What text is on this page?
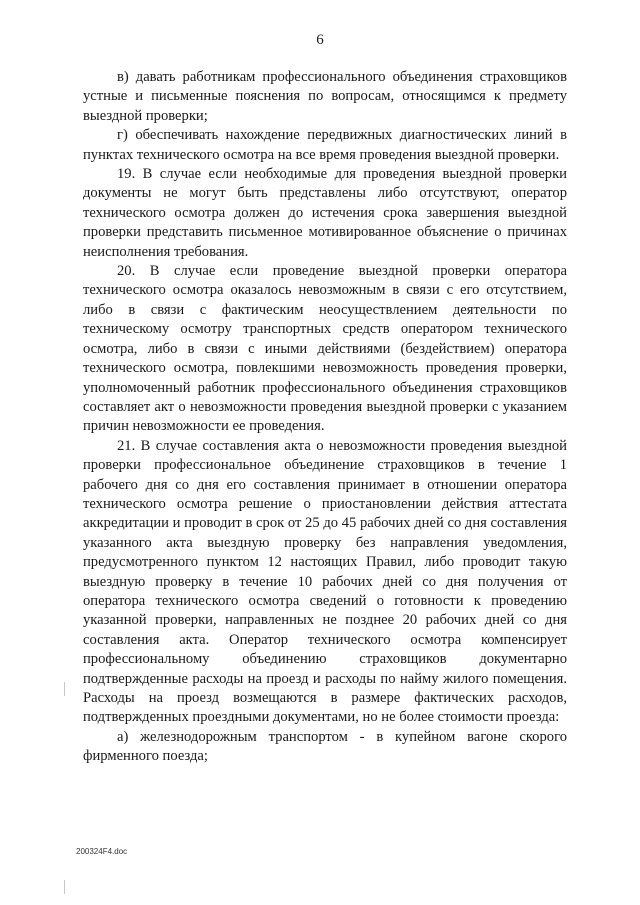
6

в) давать работникам профессионального объединения страховщиков устные и письменные пояснения по вопросам, относящимся к предмету выездной проверки;

г) обеспечивать нахождение передвижных диагностических линий в пунктах технического осмотра на все время проведения выездной проверки.

19. В случае если необходимые для проведения выездной проверки документы не могут быть представлены либо отсутствуют, оператор технического осмотра должен до истечения срока завершения выездной проверки представить письменное мотивированное объяснение о причинах неисполнения требования.

20. В случае если проведение выездной проверки оператора технического осмотра оказалось невозможным в связи с его отсутствием, либо в связи с фактическим неосуществлением деятельности по техническому осмотру транспортных средств оператором технического осмотра, либо в связи с иными действиями (бездействием) оператора технического осмотра, повлекшими невозможность проведения проверки, уполномоченный работник профессионального объединения страховщиков составляет акт о невозможности проведения выездной проверки с указанием причин невозможности ее проведения.

21. В случае составления акта о невозможности проведения выездной проверки профессиональное объединение страховщиков в течение 1 рабочего дня со дня его составления принимает в отношении оператора технического осмотра решение о приостановлении действия аттестата аккредитации и проводит в срок от 25 до 45 рабочих дней со дня составления указанного акта выездную проверку без направления уведомления, предусмотренного пунктом 12 настоящих Правил, либо проводит такую выездную проверку в течение 10 рабочих дней со дня получения от оператора технического осмотра сведений о готовности к проведению указанной проверки, направленных не позднее 20 рабочих дней со дня составления акта. Оператор технического осмотра компенсирует профессиональному объединению страховщиков документарно подтвержденные расходы на проезд и расходы по найму жилого помещения. Расходы на проезд возмещаются в размере фактических расходов, подтвержденных проездными документами, но не более стоимости проезда:

а) железнодорожным транспортом - в купейном вагоне скорого фирменного поезда;

200324F4.doc
